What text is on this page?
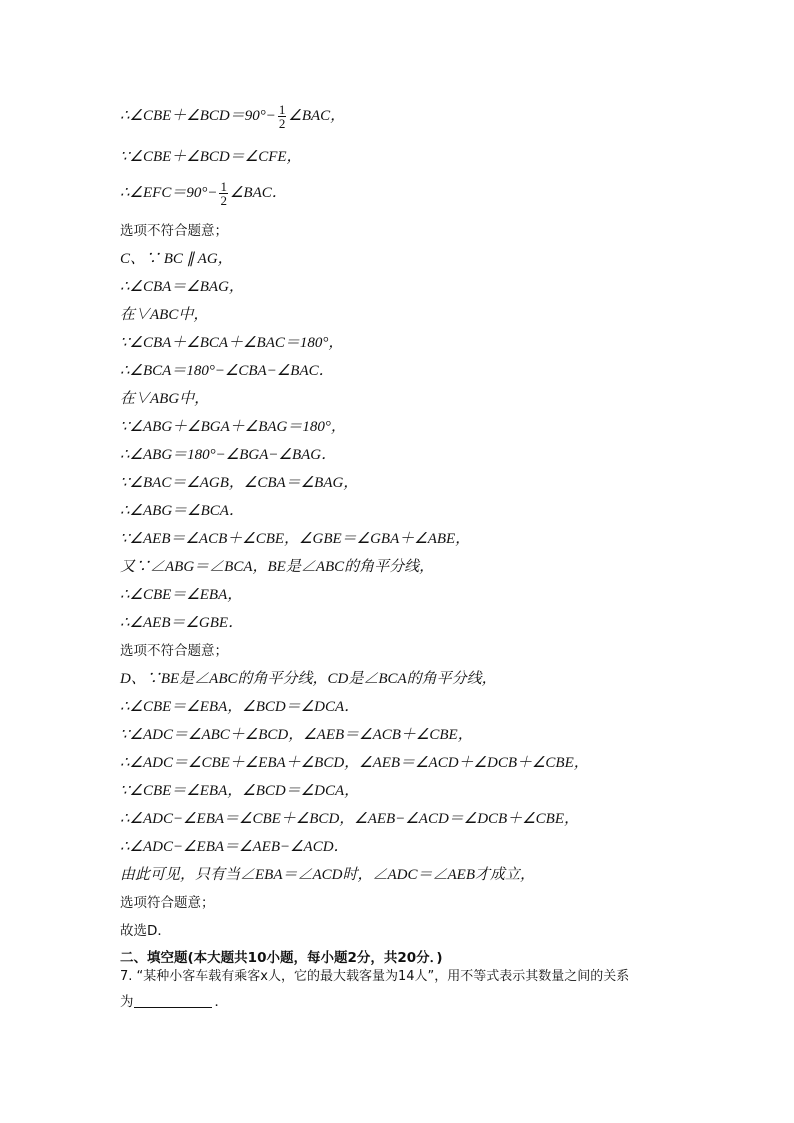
∴∠CBE＋∠BCD＝90°− $\frac{1}{2}$ ∠BAC，
∵∠CBE＋∠BCD＝∠CFE，
∴∠EFC＝90°− $\frac{1}{2}$ ∠BAC．
选项不符合题意；
C、∵ BC ∥ AG，
∴∠CBA＝∠BAG，
在∨ABC中，
∵∠CBA＋∠BCA＋∠BAC＝180°，
∴∠BCA＝180°−∠CBA−∠BAC．
在∨ABG中，
∵∠ABG＋∠BGA＋∠BAG＝180°，
∴∠ABG＝180°−∠BGA−∠BAG．
∵∠BAC＝∠AGB，∠CBA＝∠BAG，
∴∠ABG＝∠BCA．
∵∠AEB＝∠ACB＋∠CBE，∠GBE＝∠GBA＋∠ABE，
又∵∠ABG＝∠BCA，BE是∠ABC的角平分线，
∴∠CBE＝∠EBA，
∴∠AEB＝∠GBE．
选项不符合题意；
D、∵BE是∠ABC的角平分线，CD是∠BCA的角平分线，
∴∠CBE＝∠EBA，∠BCD＝∠DCA．
∵∠ADC＝∠ABC＋∠BCD，∠AEB＝∠ACB＋∠CBE，
∴∠ADC＝∠CBE＋∠EBA＋∠BCD，∠AEB＝∠ACD＋∠DCB＋∠CBE，
∵∠CBE＝∠EBA，∠BCD＝∠DCA，
∴∠ADC−∠EBA＝∠CBE＋∠BCD，∠AEB−∠ACD＝∠DCB＋∠CBE，
∴∠ADC−∠EBA＝∠AEB−∠ACD．
由此可见，只有当∠EBA＝∠ACD时，∠ADC＝∠AEB才成立，
选项符合题意；
故选D．
二、填空题(本大题共10小题，每小题2分，共20分．)
7. “某种小客车载有乘客x人，它的最大载客量为14人”，用不等式表示其数量之间的关系
为	．
